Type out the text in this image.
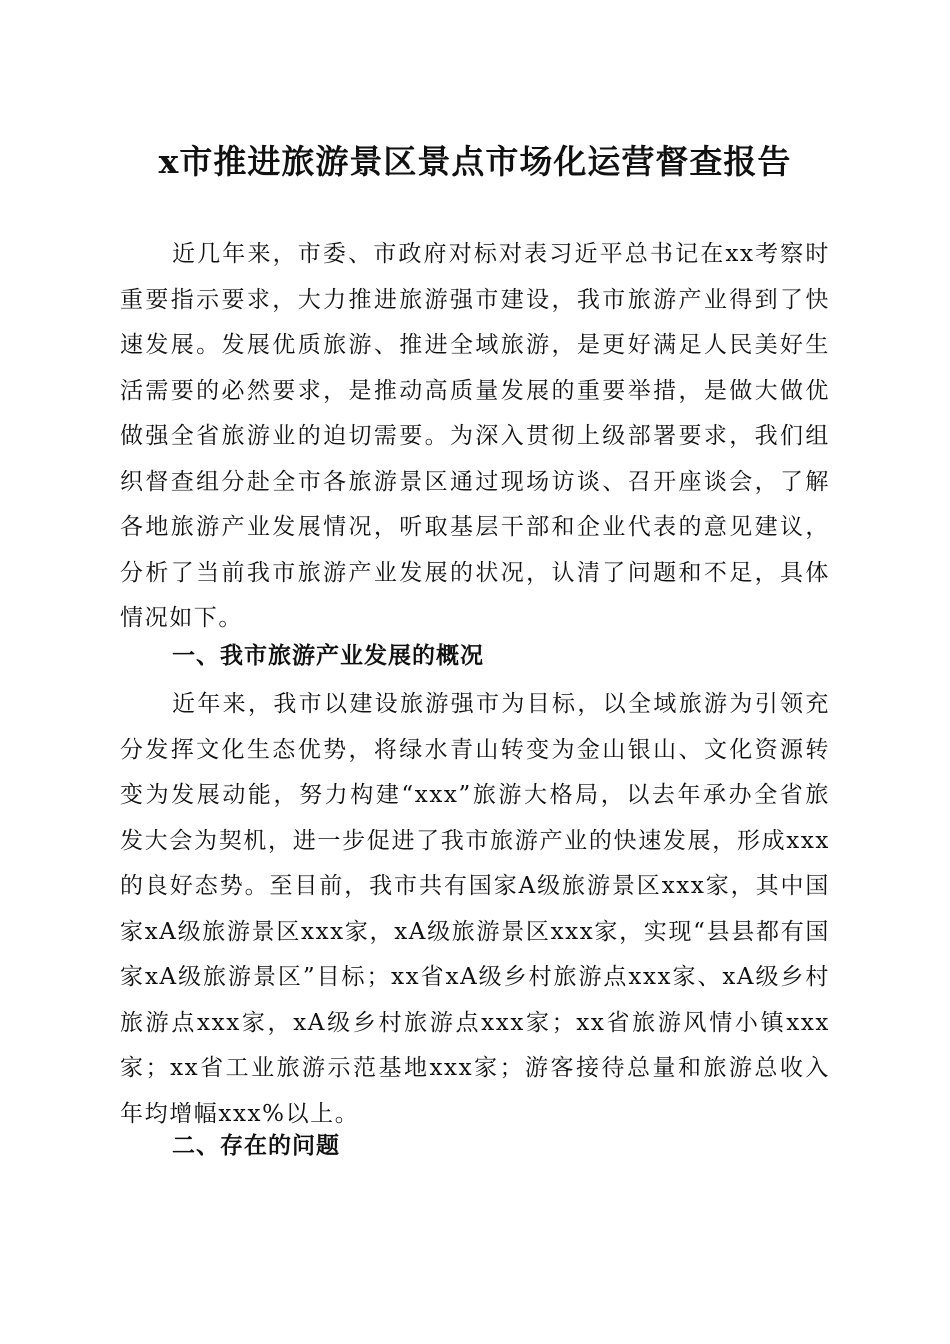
x市推进旅游景区景点市场化运营督查报告

近几年来，市委、市政府对标对表习近平总书记在xx考察时重要指示要求，大力推进旅游强市建设，我市旅游产业得到了快速发展。发展优质旅游、推进全域旅游，是更好满足人民美好生活需要的必然要求，是推动高质量发展的重要举措，是做大做优做强全省旅游业的迫切需要。为深入贯彻上级部署要求，我们组织督查组分赴全市各旅游景区通过现场访谈、召开座谈会，了解各地旅游产业发展情况，听取基层干部和企业代表的意见建议，分析了当前我市旅游产业发展的状况，认清了问题和不足，具体情况如下。

一、我市旅游产业发展的概况

近年来，我市以建设旅游强市为目标，以全域旅游为引领充分发挥文化生态优势，将绿水青山转变为金山银山、文化资源转变为发展动能，努力构建“xxx”旅游大格局，以去年承办全省旅发大会为契机，进一步促进了我市旅游产业的快速发展，形成xxx的良好态势。至目前，我市共有国家A级旅游景区xxx家，其中国家xA级旅游景区xxx家，xA级旅游景区xxx家，实现“县县都有国家xA级旅游景区”目标；xx省xA级乡村旅游点xxx家、xA级乡村旅游点xxx家，xA级乡村旅游点xxx家；xx省旅游风情小镇xxx家；xx省工业旅游示范基地xxx家；游客接待总量和旅游总收入年均增幅xxx%以上。

二、存在的问题
